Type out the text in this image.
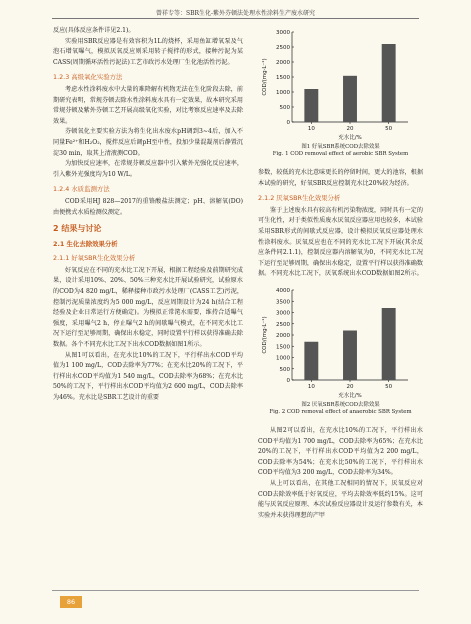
曾祥专等：SBR生化-紫外芬顿法处理水性涂料生产废水研究

反应(具体反应条件详见2.1)。

实验用SBR反应器是有效容积为1L的烧杯，采用鱼缸增氧泵及气泡石增氧曝气，模拟厌氧反应则采用转子搅拌的形式，接种污泥为某CASS(周期循环活性污泥法)工艺市政污水处理厂生化池活性污泥。

1.2.3 高级氧化实验方法

考虑水性涂料废水中大量的难降解有机物无法在生化阶段去除，前期研究表明，常规芬顿去除水性涂料废水具有一定效果，故本研究采用常规芬顿及紫外芬顿工艺开展高级氧化实验，对比考察反应速率及去除效果。

芬顿氧化主要实验方法为将生化出水废水pH调到3~4后，加入不同量Fe²⁺和H₂O₂，搅拌反应后调pH至中性，投加少量混凝剂后静置沉淀30 min，取其上清液测COD。

为加快反应速率，在常规芬顿反应器中引入紫外光强化反应速率，引入紫外光强度均为10 W/L。

1.2.4 水质监测方法

COD采用HJ 828—2017的重铬酸盐法测定；pH、溶解氧(DO)由便携式水质检测仪测定。

2 结果与讨论
2.1 生化去除效果分析
2.1.1 好氧SBR生化效果分析

好氧反应在不同的充水比工况下开展，根据工程经验及前期研究成果，设计采用10%、20%、50%三种充水比开展试验研究，试验原水的COD为4 820 mg/L，稀释接种市政污水处理厂(CASS工艺)污泥，控制污泥质量浓度约为5 000 mg/L，反应周期设计为24 h(结合工程经验及企业日常运行方便确定)。为模拟正常滗水需要，维持合适曝气强度，采用曝气2 h，停止曝气2 h的间歇曝气模式，在不同充水比工况下运行至足够周期，确保出水稳定，同时设置平行样以获得准确去除数据。各个不同充水比工况下出水COD数据如图1所示。

从图1可以看出，在充水比10%的工况下，平行样出水COD平均值为1 100 mg/L，COD去除率为77%；在充水比20%的工况下，平行样出水COD平均值为1 540 mg/L，COD去除率为68%；在充水比50%的工况下，平行样出水COD平均值为2 600 mg/L，COD去除率为46%。充水比是SBR工艺设计的重要

0
500
1000
1500
2000
2500
3000
COD/(mg·L⁻¹)
10	20	50
充水比/%
图1 好氧SBR系统COD去除效果
Fig. 1 COD removal effect of aerobic SBR System

参数，较低的充水比意味更长的停留时间，更大的池容，根据本试验的研究，好氧SBR反应控制充水比20%较为经济。

2.1.2 厌氧SBR生化效果分析

鉴于上述废水具有较高有机污染物浓度，同时具有一定的可生化性，对于类似性质废水厌氧反应器应用也较多，本试验采用SBR形式的间歇式反应器，设计模拟厌氧反应器处理水性涂料废水。厌氧反应也在不同的充水比工况下开展(其余反应条件同2.1.1)，控制反应器内溶解氧为0，不同充水比工况下运行至足够周期，确保出水稳定，设置平行样以获得准确数据。不同充水比工况下，厌氧系统出水COD数据如图2所示。

0
500
1000
1500
2000
2500
3000
3500
4000
COD/(mg·L⁻¹)
10	20	50
充水比/%
图2 厌氧SBR系统COD去除效果
Fig. 2 COD removal effect of anaerobic SBR System

从图2可以看出，在充水比10%的工况下，平行样出水COD平均值为1 700 mg/L，COD去除率为65%；在充水比20%的工况下，平行样出水COD平均值为2 200 mg/L，COD去除率为54%；在充水比50%的工况下，平行样出水COD平均值为3 200 mg/L，COD去除率为34%。

从上可以看出，在其他工况相同的情况下，厌氧反应对COD去除效率低于好氧反应，平均去除效率低约15%。这可能与厌氧反应原理、本次试验反应器设计及运行参数有关，本实验并未获得理想的产甲

86
